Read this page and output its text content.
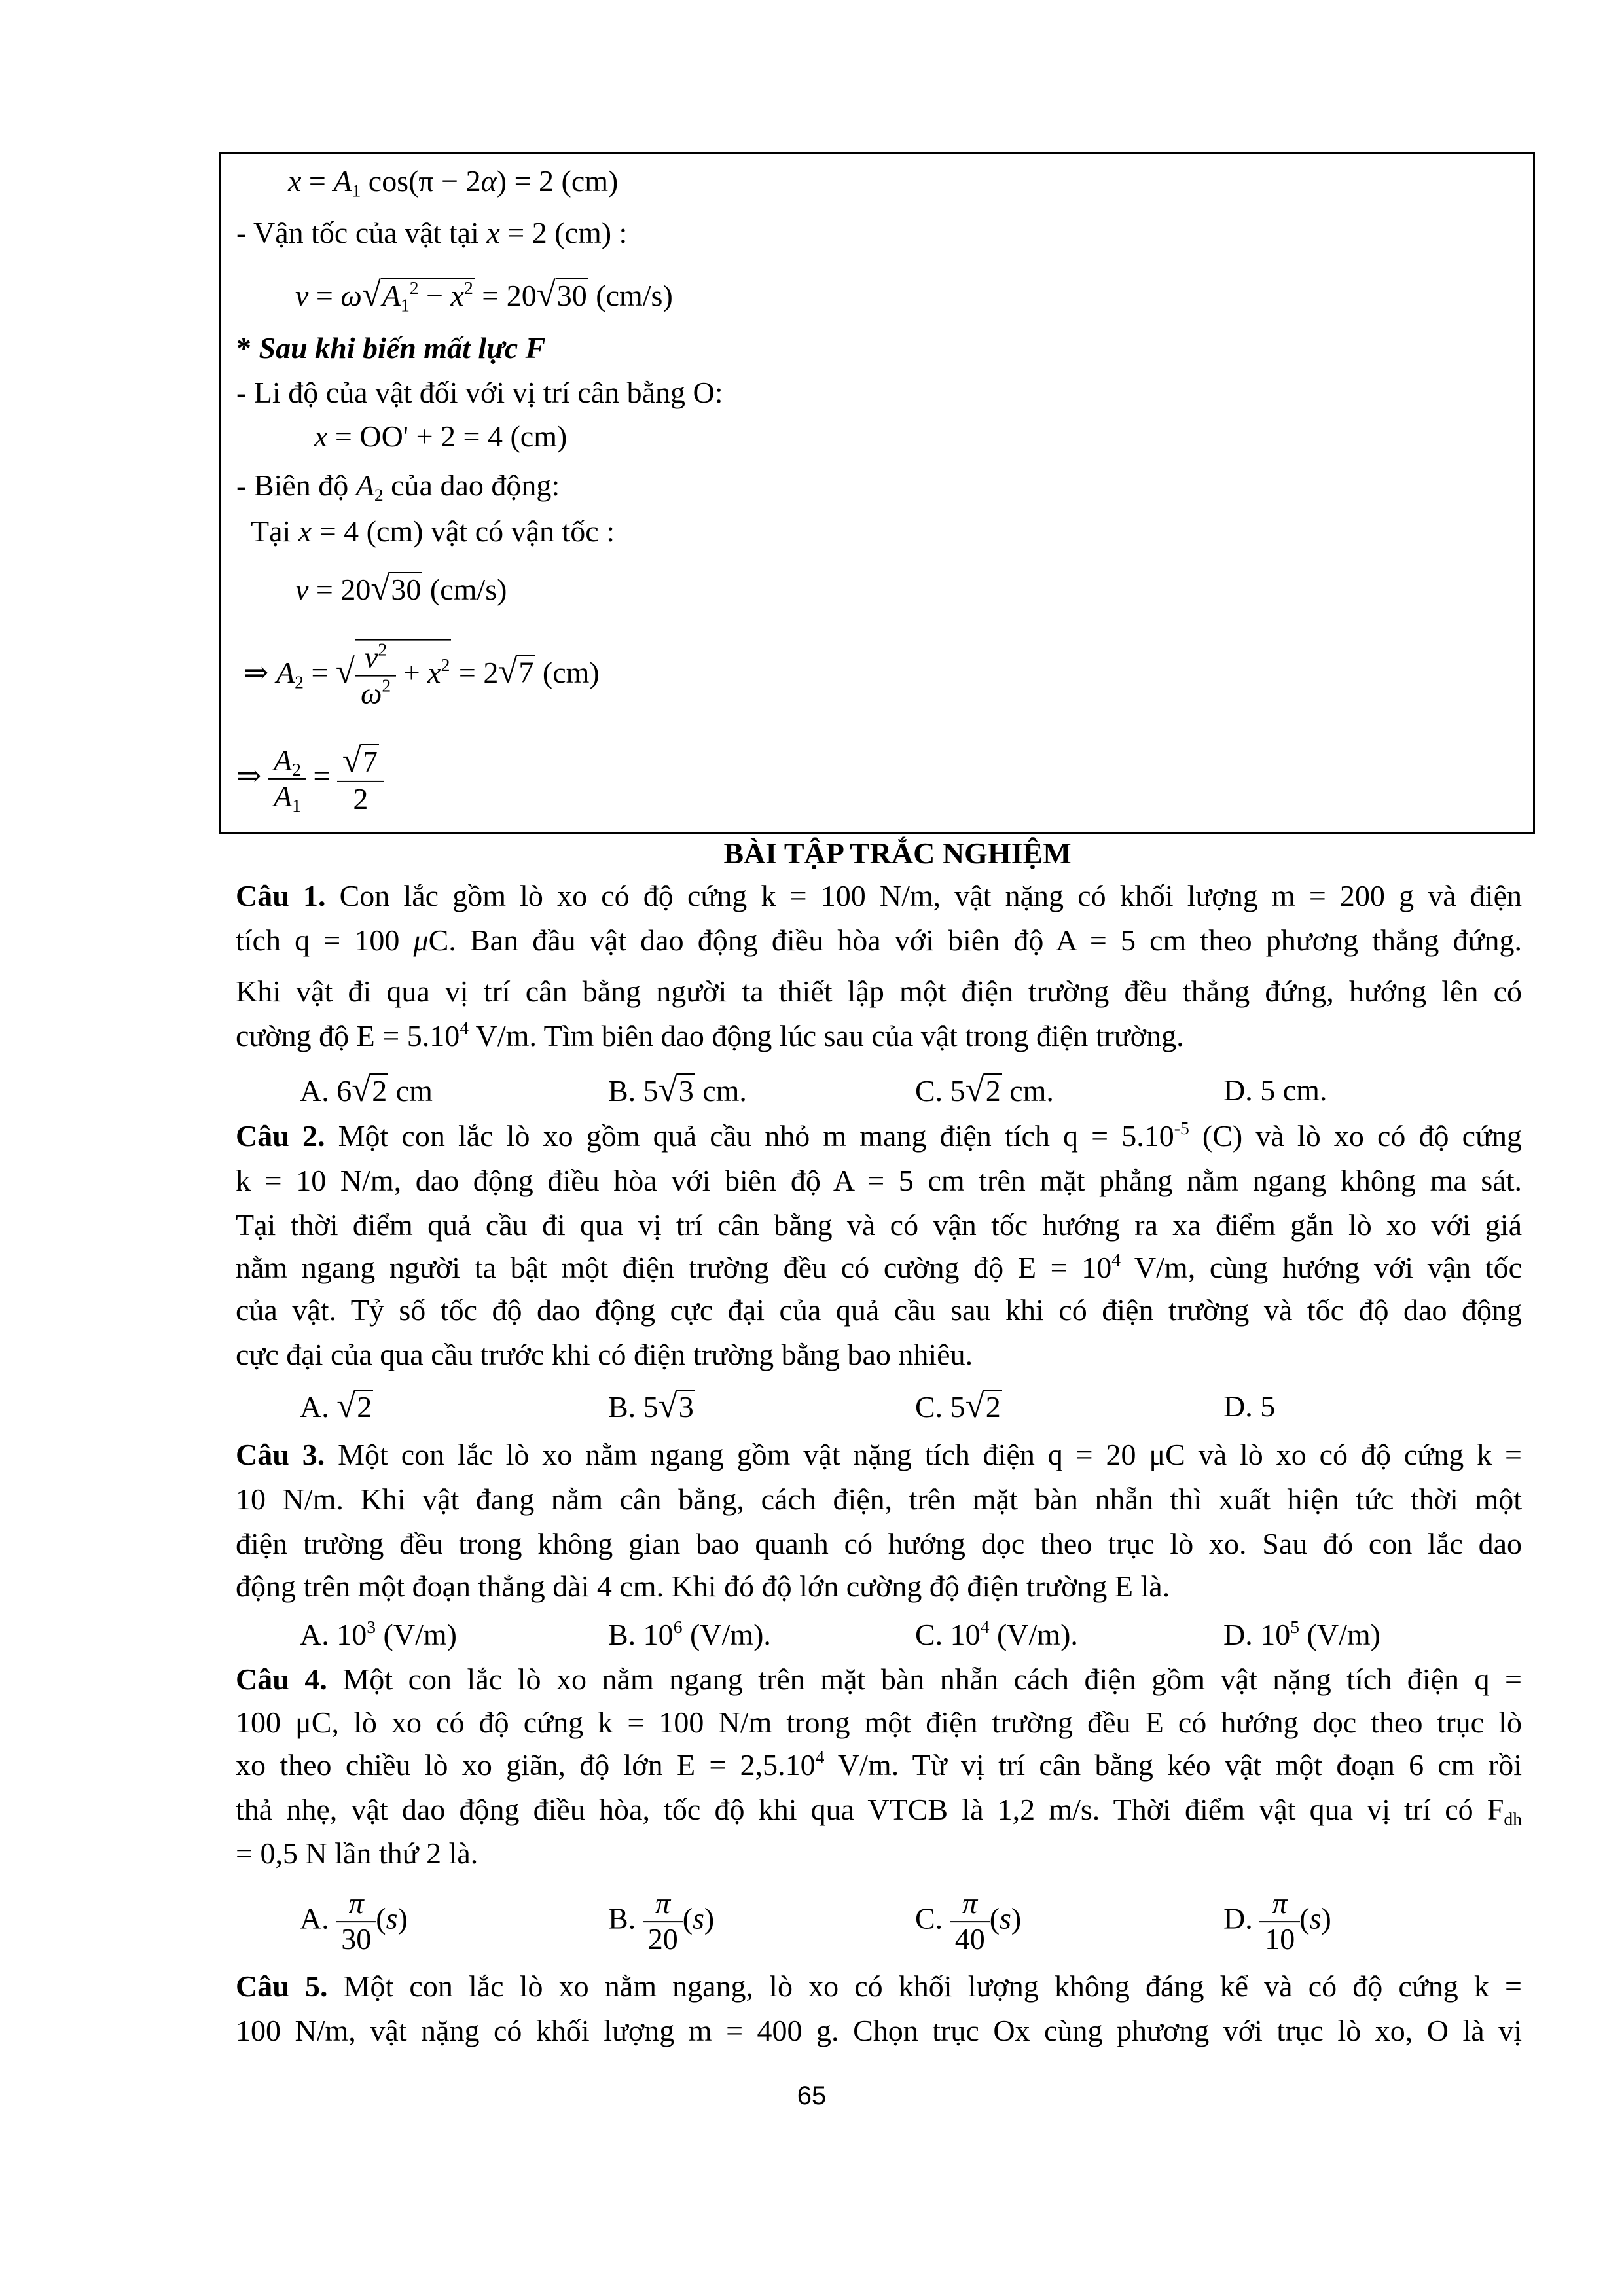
$x = A_1$ cos(π − 2α) = 2 (cm)
- Vận tốc của vật tại x = 2 (cm) :
$v = \omega√A_1^2 - x^2 = 20√30$ (cm/s)
* Sau khi biến mất lực F
- Li độ của vật đối với vị trí cân bằng O:
x = OO' + 2 = 4 (cm)
- Biên độ $A_2$ của dao động:
Tại x = 4 (cm) vật có vận tốc :
v = 20√30 (cm/s)
⇒ $A_2$ = √ $\frac{v^2}{\omega^2} + x^2 = 2√7$ (cm)
⇒ $\frac{A_2}{A_1} = \frac{√7}{2}$
BÀI TẬP TRẮC NGHIỆM
Câu 1. Con lắc gồm lò xo có độ cứng k = 100 N/m, vật nặng có khối lượng m = 200 g và điện
tích q = 100 μC. Ban đầu vật dao động điều hòa với biên độ A = 5 cm theo phương thẳng đứng.
Khi vật đi qua vị trí cân bằng người ta thiết lập một điện trường đều thẳng đứng, hướng lên có
cường độ $E = 5.10^4$ V/m. Tìm biên dao động lúc sau của vật trong điện trường.
A. 6√2 cm	B. 5√3 cm.	C. 5√2 cm.	D. 5 cm.
Câu 2. Một con lắc lò xo gồm quả cầu nhỏ m mang điện tích $q = 5.10^{-5}$ (C) và lò xo có độ cứng
k = 10 N/m, dao động điều hòa với biên độ A = 5 cm trên mặt phẳng nằm ngang không ma sát.
Tại thời điểm quả cầu đi qua vị trí cân bằng và có vận tốc hướng ra xa điểm gắn lò xo với giá
nằm ngang người ta bật một điện trường đều có cường độ $E = 10^4$ V/m, cùng hướng với vận tốc
của vật. Tỷ số tốc độ dao động cực đại của quả cầu sau khi có điện trường và tốc độ dao động
cực đại của qua cầu trước khi có điện trường bằng bao nhiêu.
A. √2	B. 5√3	C. 5√2	D. 5
Câu 3. Một con lắc lò xo nằm ngang gồm vật nặng tích điện q = 20 μC và lò xo có độ cứng k =
10 N/m. Khi vật đang nằm cân bằng, cách điện, trên mặt bàn nhẵn thì xuất hiện tức thời một
điện trường đều trong không gian bao quanh có hướng dọc theo trục lò xo. Sau đó con lắc dao
động trên một đoạn thẳng dài 4 cm. Khi đó độ lớn cường độ điện trường E là.
A. $10^3$ (V/m)	B. $10^6$ (V/m).	C. $10^4$ (V/m).	D. $10^5$ (V/m)
Câu 4. Một con lắc lò xo nằm ngang trên mặt bàn nhẵn cách điện gồm vật nặng tích điện q =
100 μC, lò xo có độ cứng k = 100 N/m trong một điện trường đều E có hướng dọc theo trục lò
xo theo chiều lò xo giãn, độ lớn $E = 2,5.10^4$ V/m. Từ vị trí cân bằng kéo vật một đoạn 6 cm rồi
thả nhẹ, vật dao động điều hòa, tốc độ khi qua VTCB là 1,2 m/s. Thời điểm vật qua vị trí có $F_{dh}$
= 0,5 N lần thứ 2 là.
A. $\frac{\pi}{30} (s)$	B. $\frac{\pi}{20} (s)$	C. $\frac{\pi}{40} (s)$	D. $\frac{\pi}{10} (s)$
Câu 5. Một con lắc lò xo nằm ngang, lò xo có khối lượng không đáng kể và có độ cứng k =
100 N/m, vật nặng có khối lượng m = 400 g. Chọn trục Ox cùng phương với trục lò xo, O là vị
65
